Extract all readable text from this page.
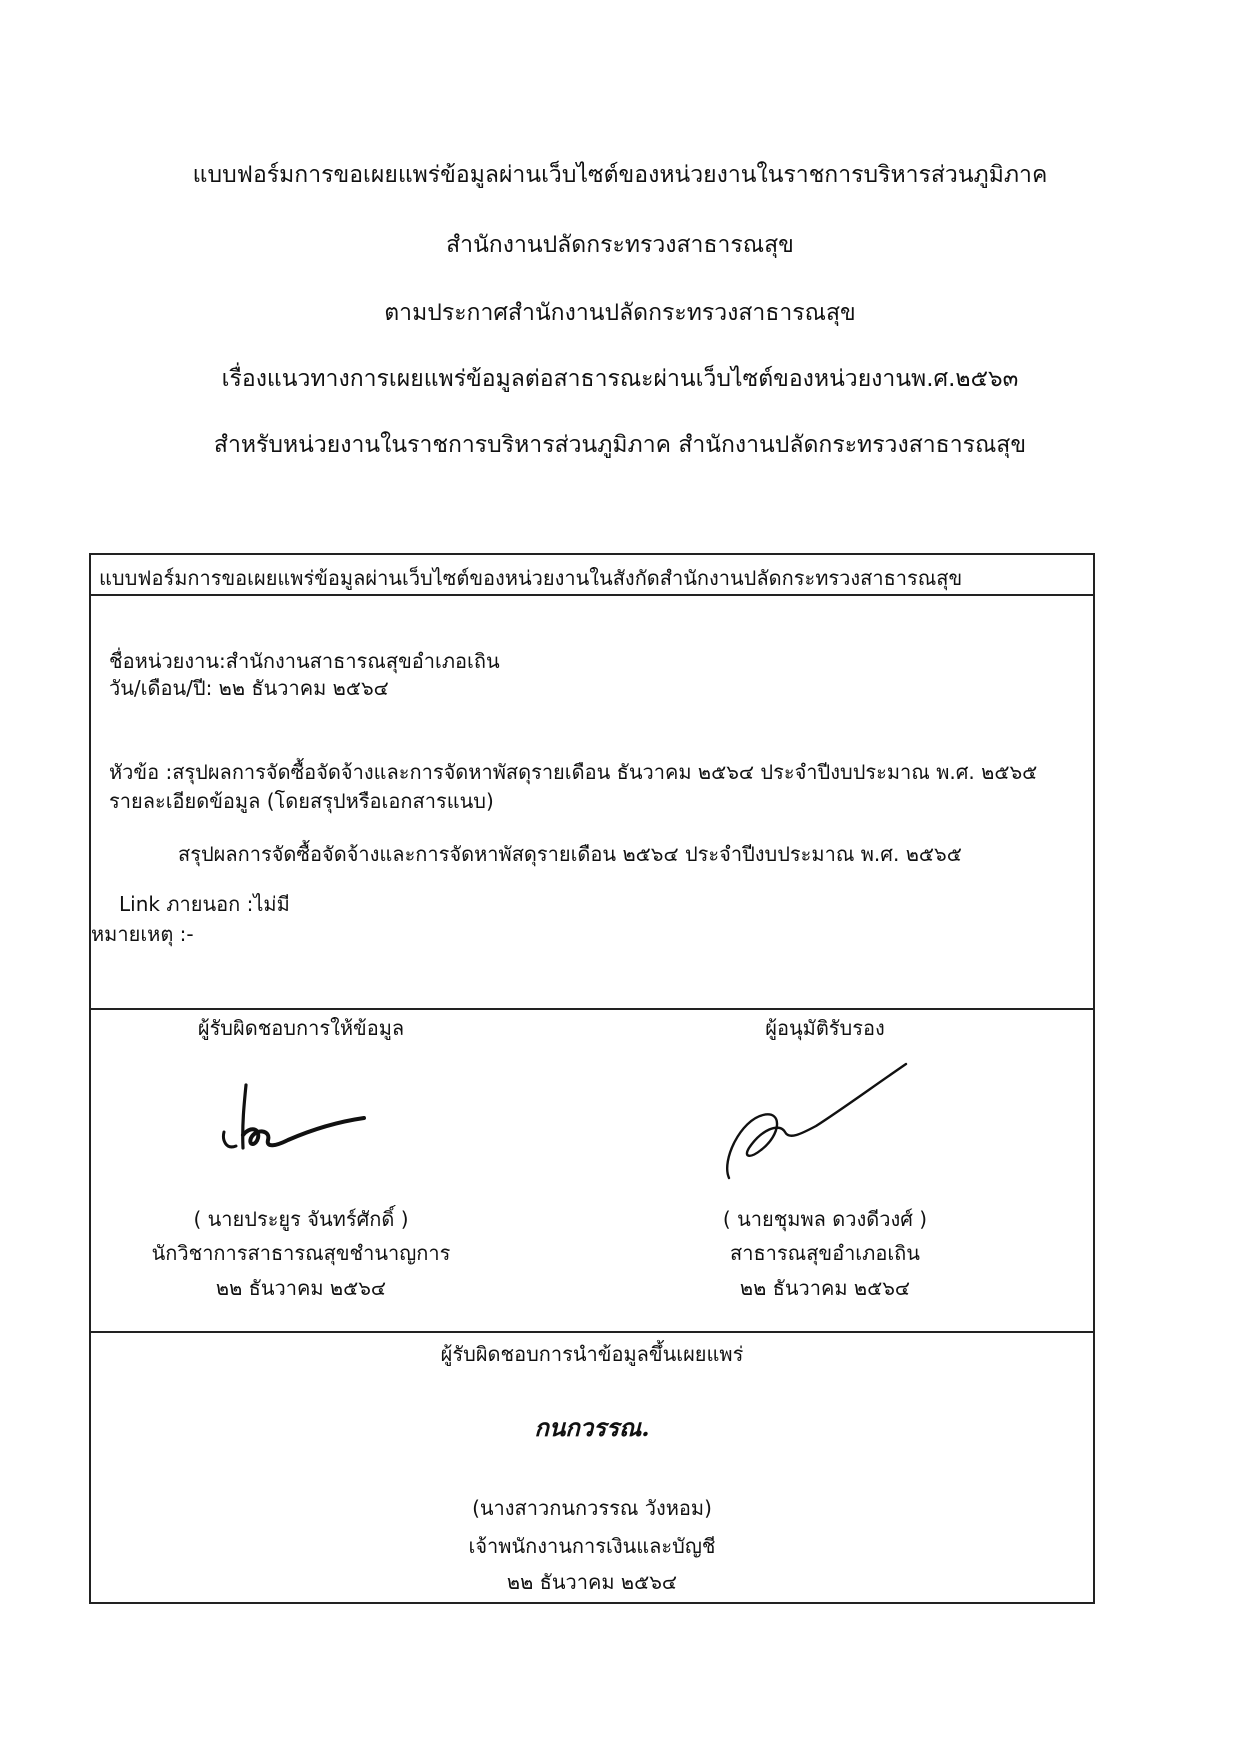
แบบฟอร์มการขอเผยแพร่ข้อมูลผ่านเว็บไซต์ของหน่วยงานในราชการบริหารส่วนภูมิภาค
สำนักงานปลัดกระทรวงสาธารณสุข
ตามประกาศสำนักงานปลัดกระทรวงสาธารณสุข
เรื่องแนวทางการเผยแพร่ข้อมูลต่อสาธารณะผ่านเว็บไซต์ของหน่วยงานพ.ศ.๒๕๖๓
สำหรับหน่วยงานในราชการบริหารส่วนภูมิภาค สำนักงานปลัดกระทรวงสาธารณสุข
แบบฟอร์มการขอเผยแพร่ข้อมูลผ่านเว็บไซต์ของหน่วยงานในสังกัดสำนักงานปลัดกระทรวงสาธารณสุข
ชื่อหน่วยงาน:สำนักงานสาธารณสุขอำเภอเถิน
วัน/เดือน/ปี: ๒๒ ธันวาคม ๒๕๖๔
หัวข้อ :สรุปผลการจัดซื้อจัดจ้างและการจัดหาพัสดุรายเดือน ธันวาคม ๒๕๖๔ ประจำปีงบประมาณ พ.ศ. ๒๕๖๕
รายละเอียดข้อมูล (โดยสรุปหรือเอกสารแนบ)
สรุปผลการจัดซื้อจัดจ้างและการจัดหาพัสดุรายเดือน ๒๕๖๔ ประจำปีงบประมาณ พ.ศ. ๒๕๖๕
Link ภายนอก :ไม่มี
หมายเหตุ :-
ผู้รับผิดชอบการให้ข้อมูล
( นายประยูร จันทร์ศักดิ์ )
นักวิชาการสาธารณสุขชำนาญการ
๒๒ ธันวาคม ๒๕๖๔
ผู้อนุมัติรับรอง
( นายชุมพล ดวงดีวงศ์ )
สาธารณสุขอำเภอเถิน
๒๒ ธันวาคม ๒๕๖๔
ผู้รับผิดชอบการนำข้อมูลขึ้นเผยแพร่
กนกวรรณ.
(นางสาวกนกวรรณ วังหอม)
เจ้าพนักงานการเงินและบัญชี
๒๒ ธันวาคม ๒๕๖๔
